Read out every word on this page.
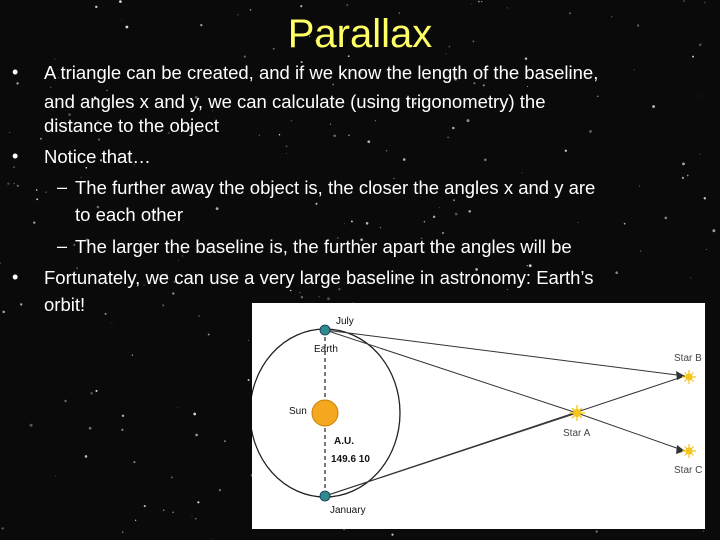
Parallax
• A triangle can be created, and if we know the length of the baseline,
and angles x and y, we can calculate (using trigonometry) the
distance to the object
• Notice that…
– The further away the object is, the closer the angles x and y are
to each other
– The larger the baseline is, the further apart the angles will be
• Fortunately, we can use a very large baseline in astronomy: Earth’s
orbit!
July
Earth
Sun
A.U.
149.6 10
January
Star A
Star B
Star C
